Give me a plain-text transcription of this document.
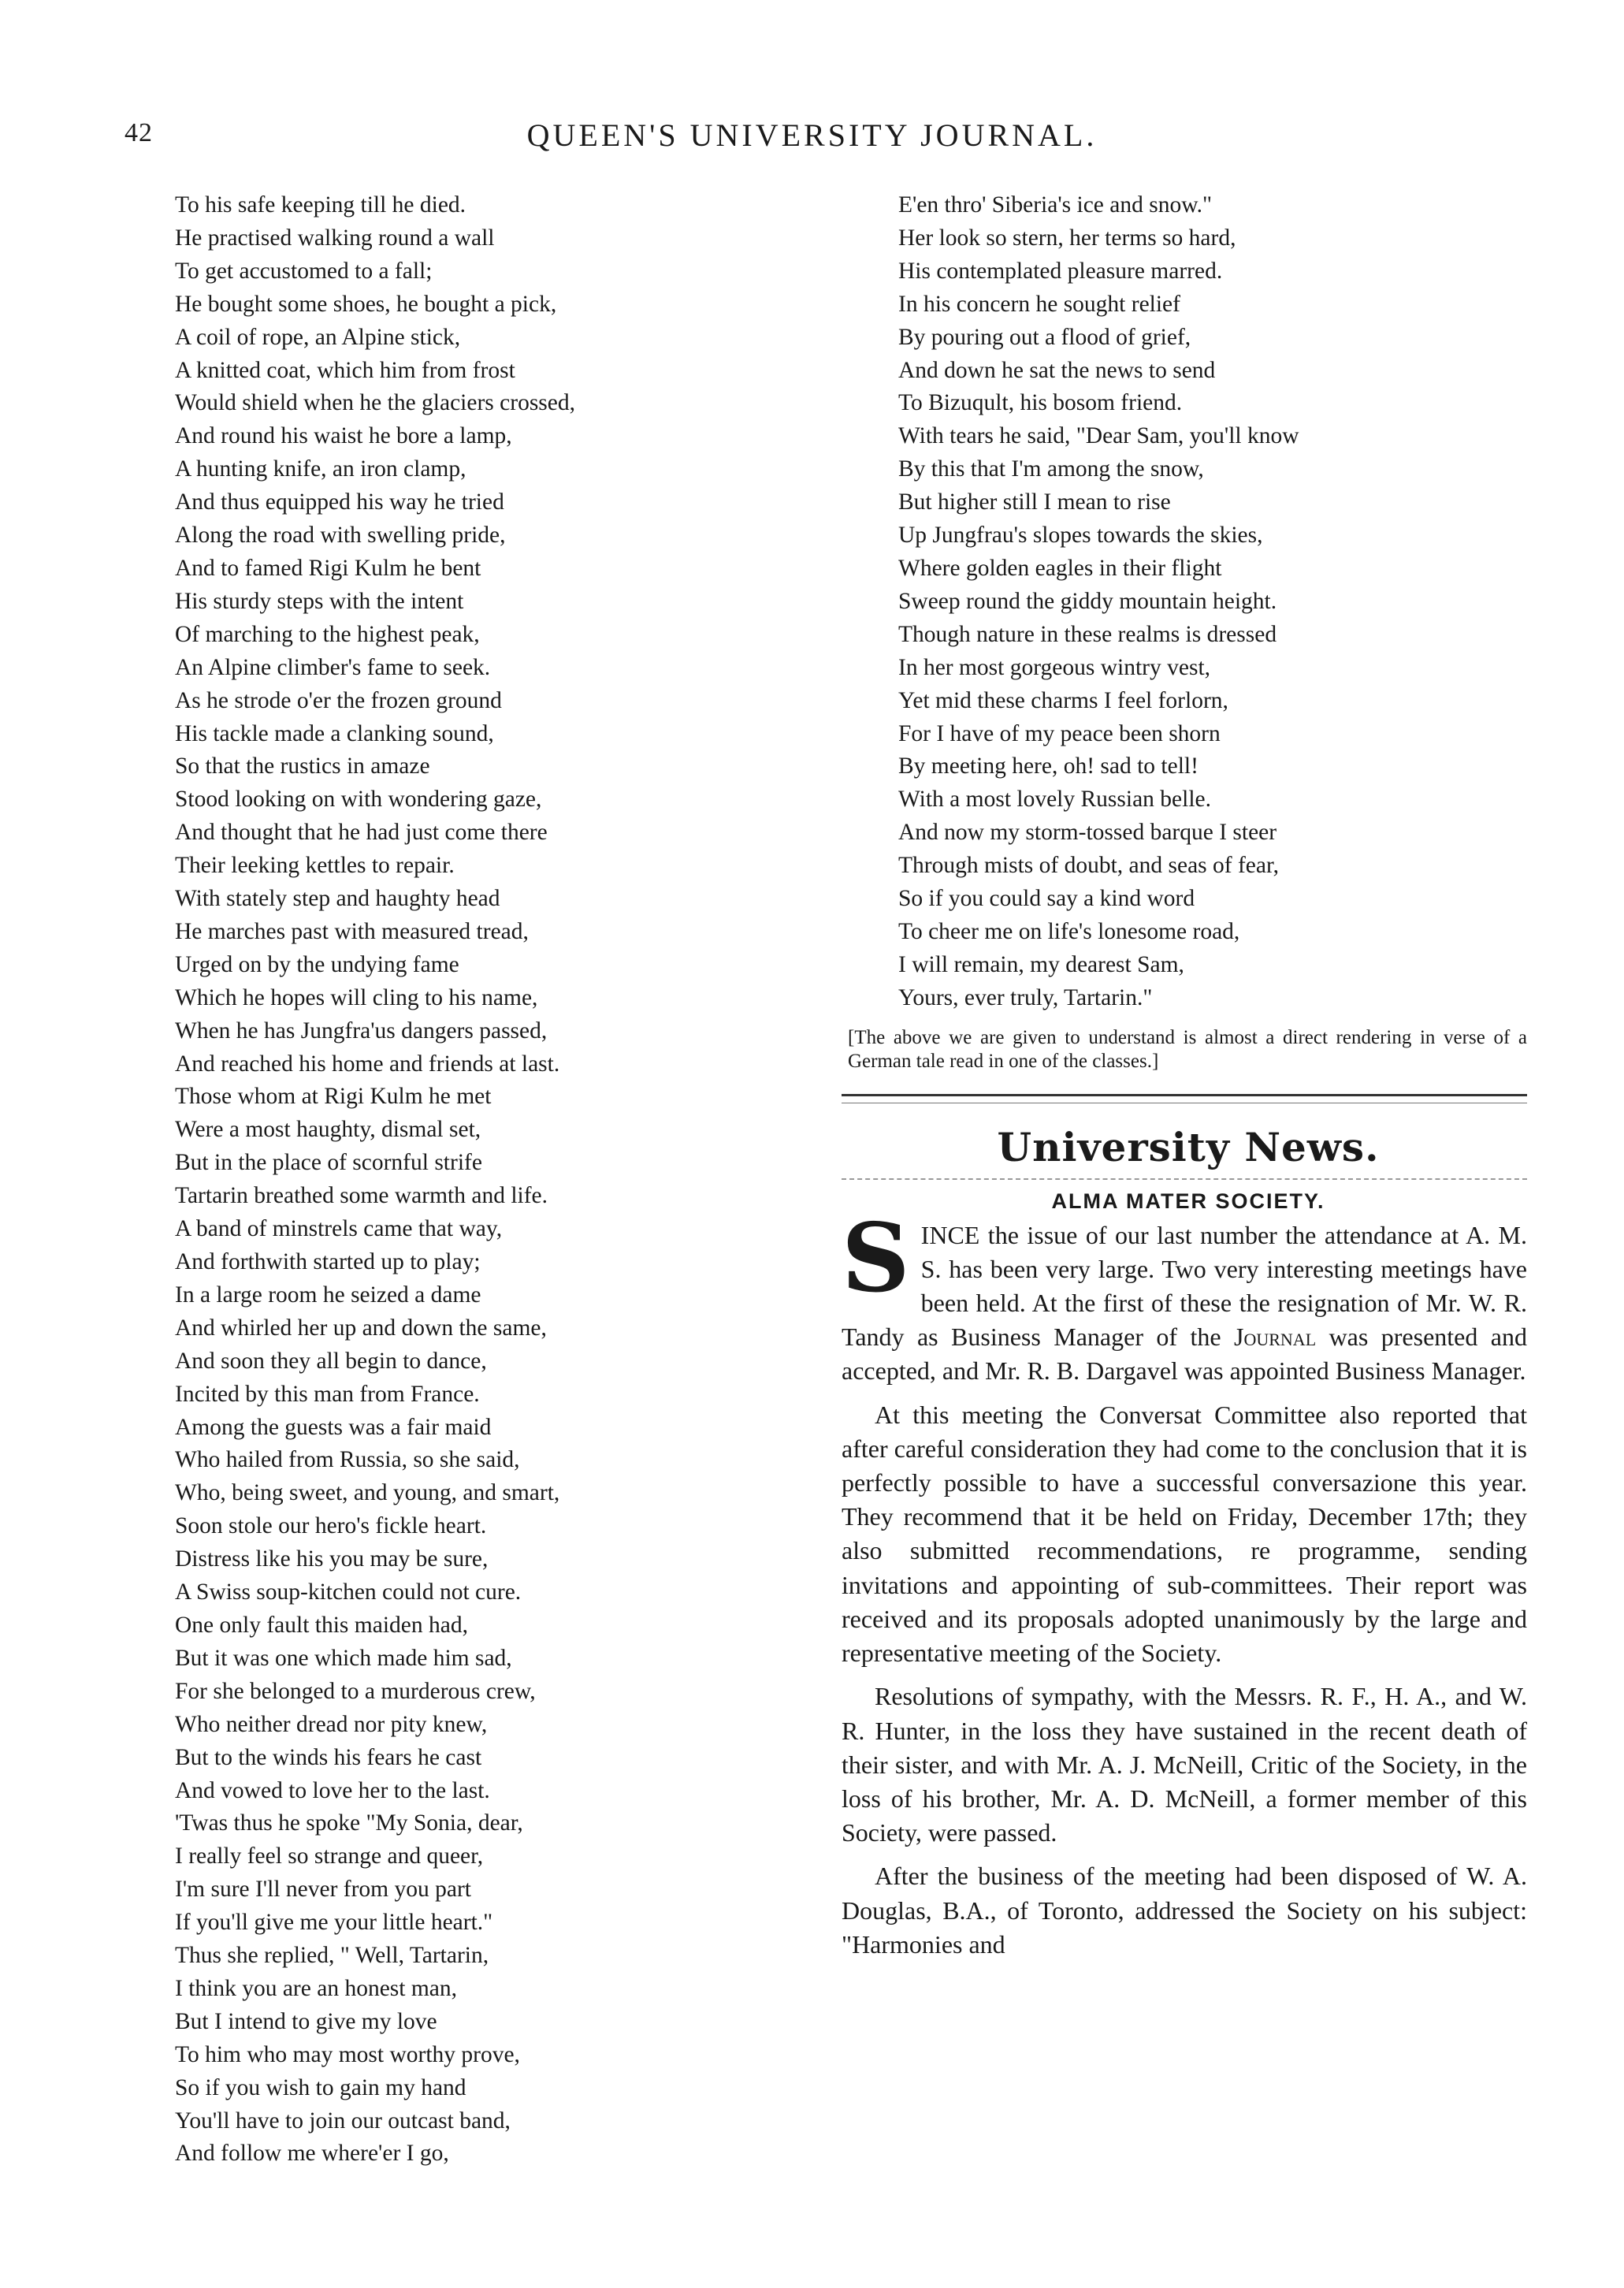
42	QUEEN'S UNIVERSITY JOURNAL.
To his safe keeping till he died.
He practised walking round a wall
To get accustomed to a fall;
He bought some shoes, he bought a pick,
A coil of rope, an Alpine stick,
A knitted coat, which him from frost
Would shield when he the glaciers crossed,
And round his waist he bore a lamp,
A hunting knife, an iron clamp,
And thus equipped his way he tried
Along the road with swelling pride,
And to famed Rigi Kulm he bent
His sturdy steps with the intent
Of marching to the highest peak,
An Alpine climber's fame to seek.
As he strode o'er the frozen ground
His tackle made a clanking sound,
So that the rustics in amaze
Stood looking on with wondering gaze,
And thought that he had just come there
Their leeking kettles to repair.
With stately step and haughty head
He marches past with measured tread,
Urged on by the undying fame
Which he hopes will cling to his name,
When he has Jungfra'us dangers passed,
And reached his home and friends at last.
Those whom at Rigi Kulm he met
Were a most haughty, dismal set,
But in the place of scornful strife
Tartarin breathed some warmth and life.
A band of minstrels came that way,
And forthwith started up to play;
In a large room he seized a dame
And whirled her up and down the same,
And soon they all begin to dance,
Incited by this man from France.
Among the guests was a fair maid
Who hailed from Russia, so she said,
Who, being sweet, and young, and smart,
Soon stole our hero's fickle heart.
Distress like his you may be sure,
A Swiss soup-kitchen could not cure.
One only fault this maiden had,
But it was one which made him sad,
For she belonged to a murderous crew,
Who neither dread nor pity knew,
But to the winds his fears he cast
And vowed to love her to the last.
'Twas thus he spoke "My Sonia, dear,
I really feel so strange and queer,
I'm sure I'll never from you part
If you'll give me your little heart."
Thus she replied, " Well, Tartarin,
I think you are an honest man,
But I intend to give my love
To him who may most worthy prove,
So if you wish to gain my hand
You'll have to join our outcast band,
And follow me where'er I go,
E'en thro' Siberia's ice and snow."
Her look so stern, her terms so hard,
His contemplated pleasure marred.
In his concern he sought relief
By pouring out a flood of grief,
And down he sat the news to send
To Bizuqult, his bosom friend.
With tears he said, "Dear Sam, you'll know
By this that I'm among the snow,
But higher still I mean to rise
Up Jungfrau's slopes towards the skies,
Where golden eagles in their flight
Sweep round the giddy mountain height.
Though nature in these realms is dressed
In her most gorgeous wintry vest,
Yet mid these charms I feel forlorn,
For I have of my peace been shorn
By meeting here, oh! sad to tell!
With a most lovely Russian belle.
And now my storm-tossed barque I steer
Through mists of doubt, and seas of fear,
So if you could say a kind word
To cheer me on life's lonesome road,
I will remain, my dearest Sam,
Yours, ever truly, Tartarin."
[The above we are given to understand is almost a direct rendering in verse of a German tale read in one of the classes.]
University News.
ALMA MATER SOCIETY.
SINCE the issue of our last number the attendance at A. M. S. has been very large. Two very interesting meetings have been held. At the first of these the resignation of Mr. W. R. Tandy as Business Manager of the Journal was presented and accepted, and Mr. R. B. Dargavel was appointed Business Manager.
At this meeting the Conversat Committee also reported that after careful consideration they had come to the conclusion that it is perfectly possible to have a successful conversazione this year. They recommend that it be held on Friday, December 17th; they also submitted recommendations, re programme, sending invitations and appointing of sub-committees. Their report was received and its proposals adopted unanimously by the large and representative meeting of the Society.
Resolutions of sympathy, with the Messrs. R. F., H. A., and W. R. Hunter, in the loss they have sustained in the recent death of their sister, and with Mr. A. J. McNeill, Critic of the Society, in the loss of his brother, Mr. A. D. McNeill, a former member of this Society, were passed.
After the business of the meeting had been disposed of W. A. Douglas, B.A., of Toronto, addressed the Society on his subject: "Harmonies and
